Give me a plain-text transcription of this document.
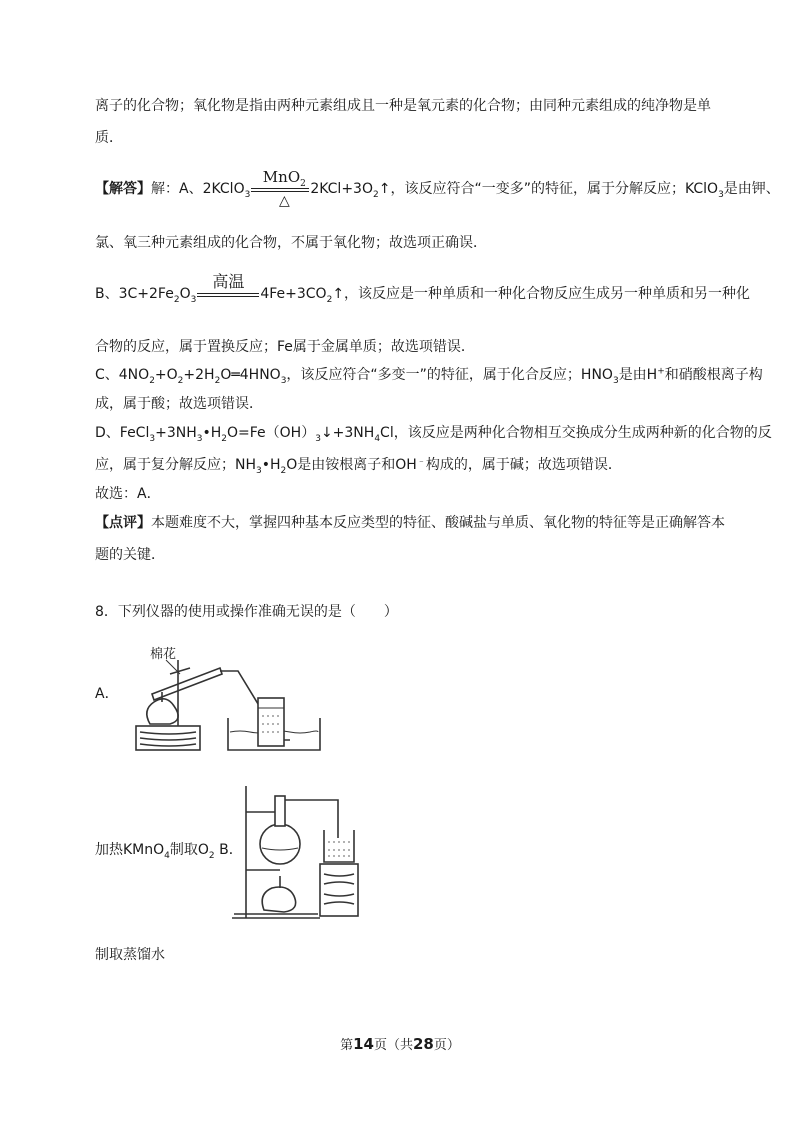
离子的化合物；氧化物是指由两种元素组成且一种是氧元素的化合物；由同种元素组成的纯净物是单
质．
【解答】解：A、2KClO$_3$
MnO$_2$
△
$2KCl+3O_2↑$，该反应符合“一变多”的特征，属于分解反应；KClO$_3$是由钾、
氯、氧三种元素组成的化合物，不属于氧化物；故选项正确误．
B、$3C+2Fe_2O_3$
高温
$4Fe+3CO_2↑$，该反应是一种单质和一种化合物反应生成另一种单质和另一种化
合物的反应，属于置换反应；Fe属于金属单质；故选项错误．
C、$4NO_2+O_2+2H_2O═4HNO_3$，该反应符合“多变一”的特征，属于化合反应；$HNO_3$是由H+和硝酸根离子构
成，属于酸；故选项错误．
D、$FeCl_3+3NH_3•H_2O=Fe(OH)_3↓+3NH_4Cl$，该反应是两种化合物相互交换成分生成两种新的化合物的反
应，属于复分解反应；$NH_3•H_2O$是由铵根离子和OH﹣构成的，属于碱；故选项错误．
故选：A．
【点评】本题难度不大，掌握四种基本反应类型的特征、酸碱盐与单质、氧化物的特征等是正确解答本
题的关键．
8．下列仪器的使用或操作准确无误的是（　　）
A．
棉花
加热KMnO$_4$制取$O_2$ B．
制取蒸馏水
第14页（共28页）
